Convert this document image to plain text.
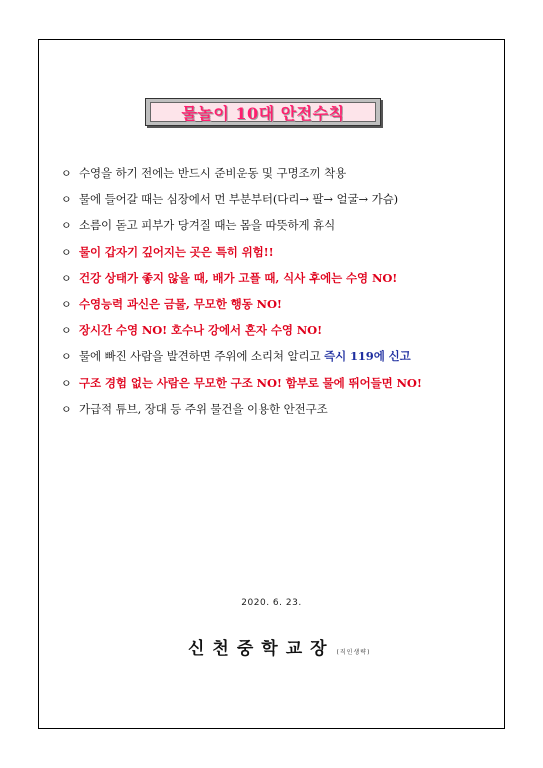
물놀이 10대 안전수칙
ㅇ 수영을 하기 전에는 반드시 준비운동 및 구명조끼 착용
ㅇ 물에 들어갈 때는 심장에서 먼 부분부터(다리→ 팔→ 얼굴→ 가슴)
ㅇ 소름이 돋고 피부가 당겨질 때는 몸을 따뜻하게 휴식
ㅇ 물이 갑자기 깊어지는 곳은 특히 위험!!
ㅇ 건강 상태가 좋지 않을 때, 배가 고플 때, 식사 후에는 수영 NO!
ㅇ 수영능력 과신은 금물, 무모한 행동 NO!
ㅇ 장시간 수영 NO! 호수나 강에서 혼자 수영 NO!
ㅇ 물에 빠진 사람을 발견하면 주위에 소리쳐 알리고 즉시 119에 신고
ㅇ 구조 경험 없는 사람은 무모한 구조 NO! 함부로 물에 뛰어들면 NO!
ㅇ 가급적 튜브, 장대 등 주위 물건을 이용한 안전구조
2020. 6. 23.
신천중학교장 (직인생략)
